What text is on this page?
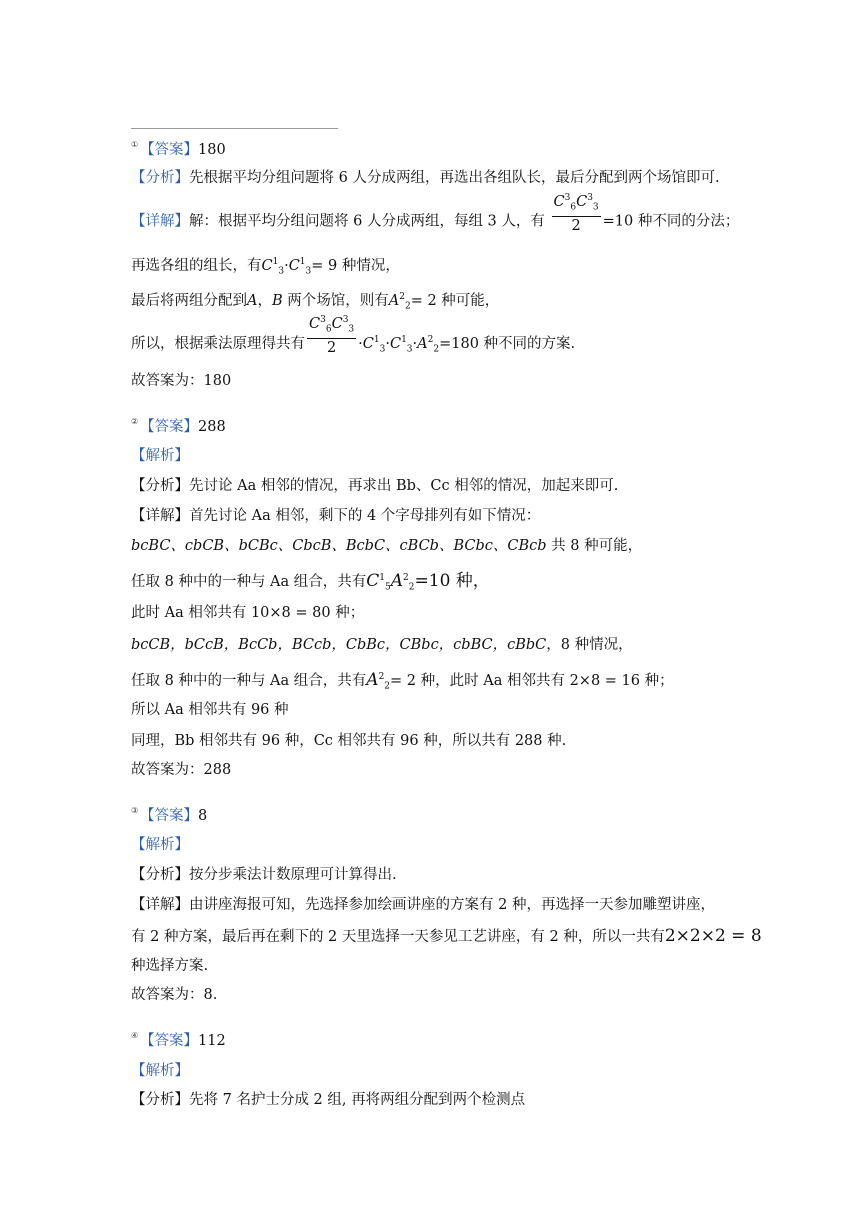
① 【答案】180
【分析】先根据平均分组问题将 6 人分成两组，再选出各组队长，最后分配到两个场馆即可.
【详解】解：根据平均分组问题将 6 人分成两组，每组 3 人，有 $\frac{C^3_6C^3_3}{2} =10$ 种不同的分法；
再选各组的组长，有$C^1_3\cdot C^1_3= 9$ 种情况，
最后将两组分配到A，B 两个场馆，则有$A^2_2= 2$ 种可能，
所以，根据乘法原理得共有 $\frac{C^3_6C^3_3}{2} \cdot C^1_3\cdot C^1_3\cdot A^2_2=180$ 种不同的方案.
故答案为：180
② 【答案】288
【解析】
【分析】先讨论 Aa 相邻的情况，再求出 Bb、Cc 相邻的情况，加起来即可.
【详解】首先讨论 Aa 相邻，剩下的 4 个字母排列有如下情况：
bcBC、cbCB、bCBc、CbcB、BcbC、cBCb、BCbc、CBcb 共 8 种可能，
任取 8 种中的一种与 Aa 组合，共有$C^1_5A^2_2=10$ 种，
此时 Aa 相邻共有 10×8 = 80 种；
bcCB，bCcB，BcCb，BCcb，CbBc，CBbc，cbBC，cBbC，8 种情况，
任取 8 种中的一种与 Aa 组合，共有$A^2_2= 2$ 种，此时 Aa 相邻共有 2×8 = 16 种；
所以 Aa 相邻共有 96 种
同理，Bb 相邻共有 96 种，Cc 相邻共有 96 种，所以共有 288 种.
故答案为：288
③ 【答案】8
【解析】
【分析】按分步乘法计数原理可计算得出.
【详解】由讲座海报可知，先选择参加绘画讲座的方案有 2 种，再选择一天参加雕塑讲座，
有 2 种方案，最后再在剩下的 2 天里选择一天参见工艺讲座，有 2 种，所以一共有2×2×2 = 8
种选择方案.
故答案为：8.
④ 【答案】112
【解析】
【分析】先将 7 名护士分成 2 组, 再将两组分配到两个检测点
